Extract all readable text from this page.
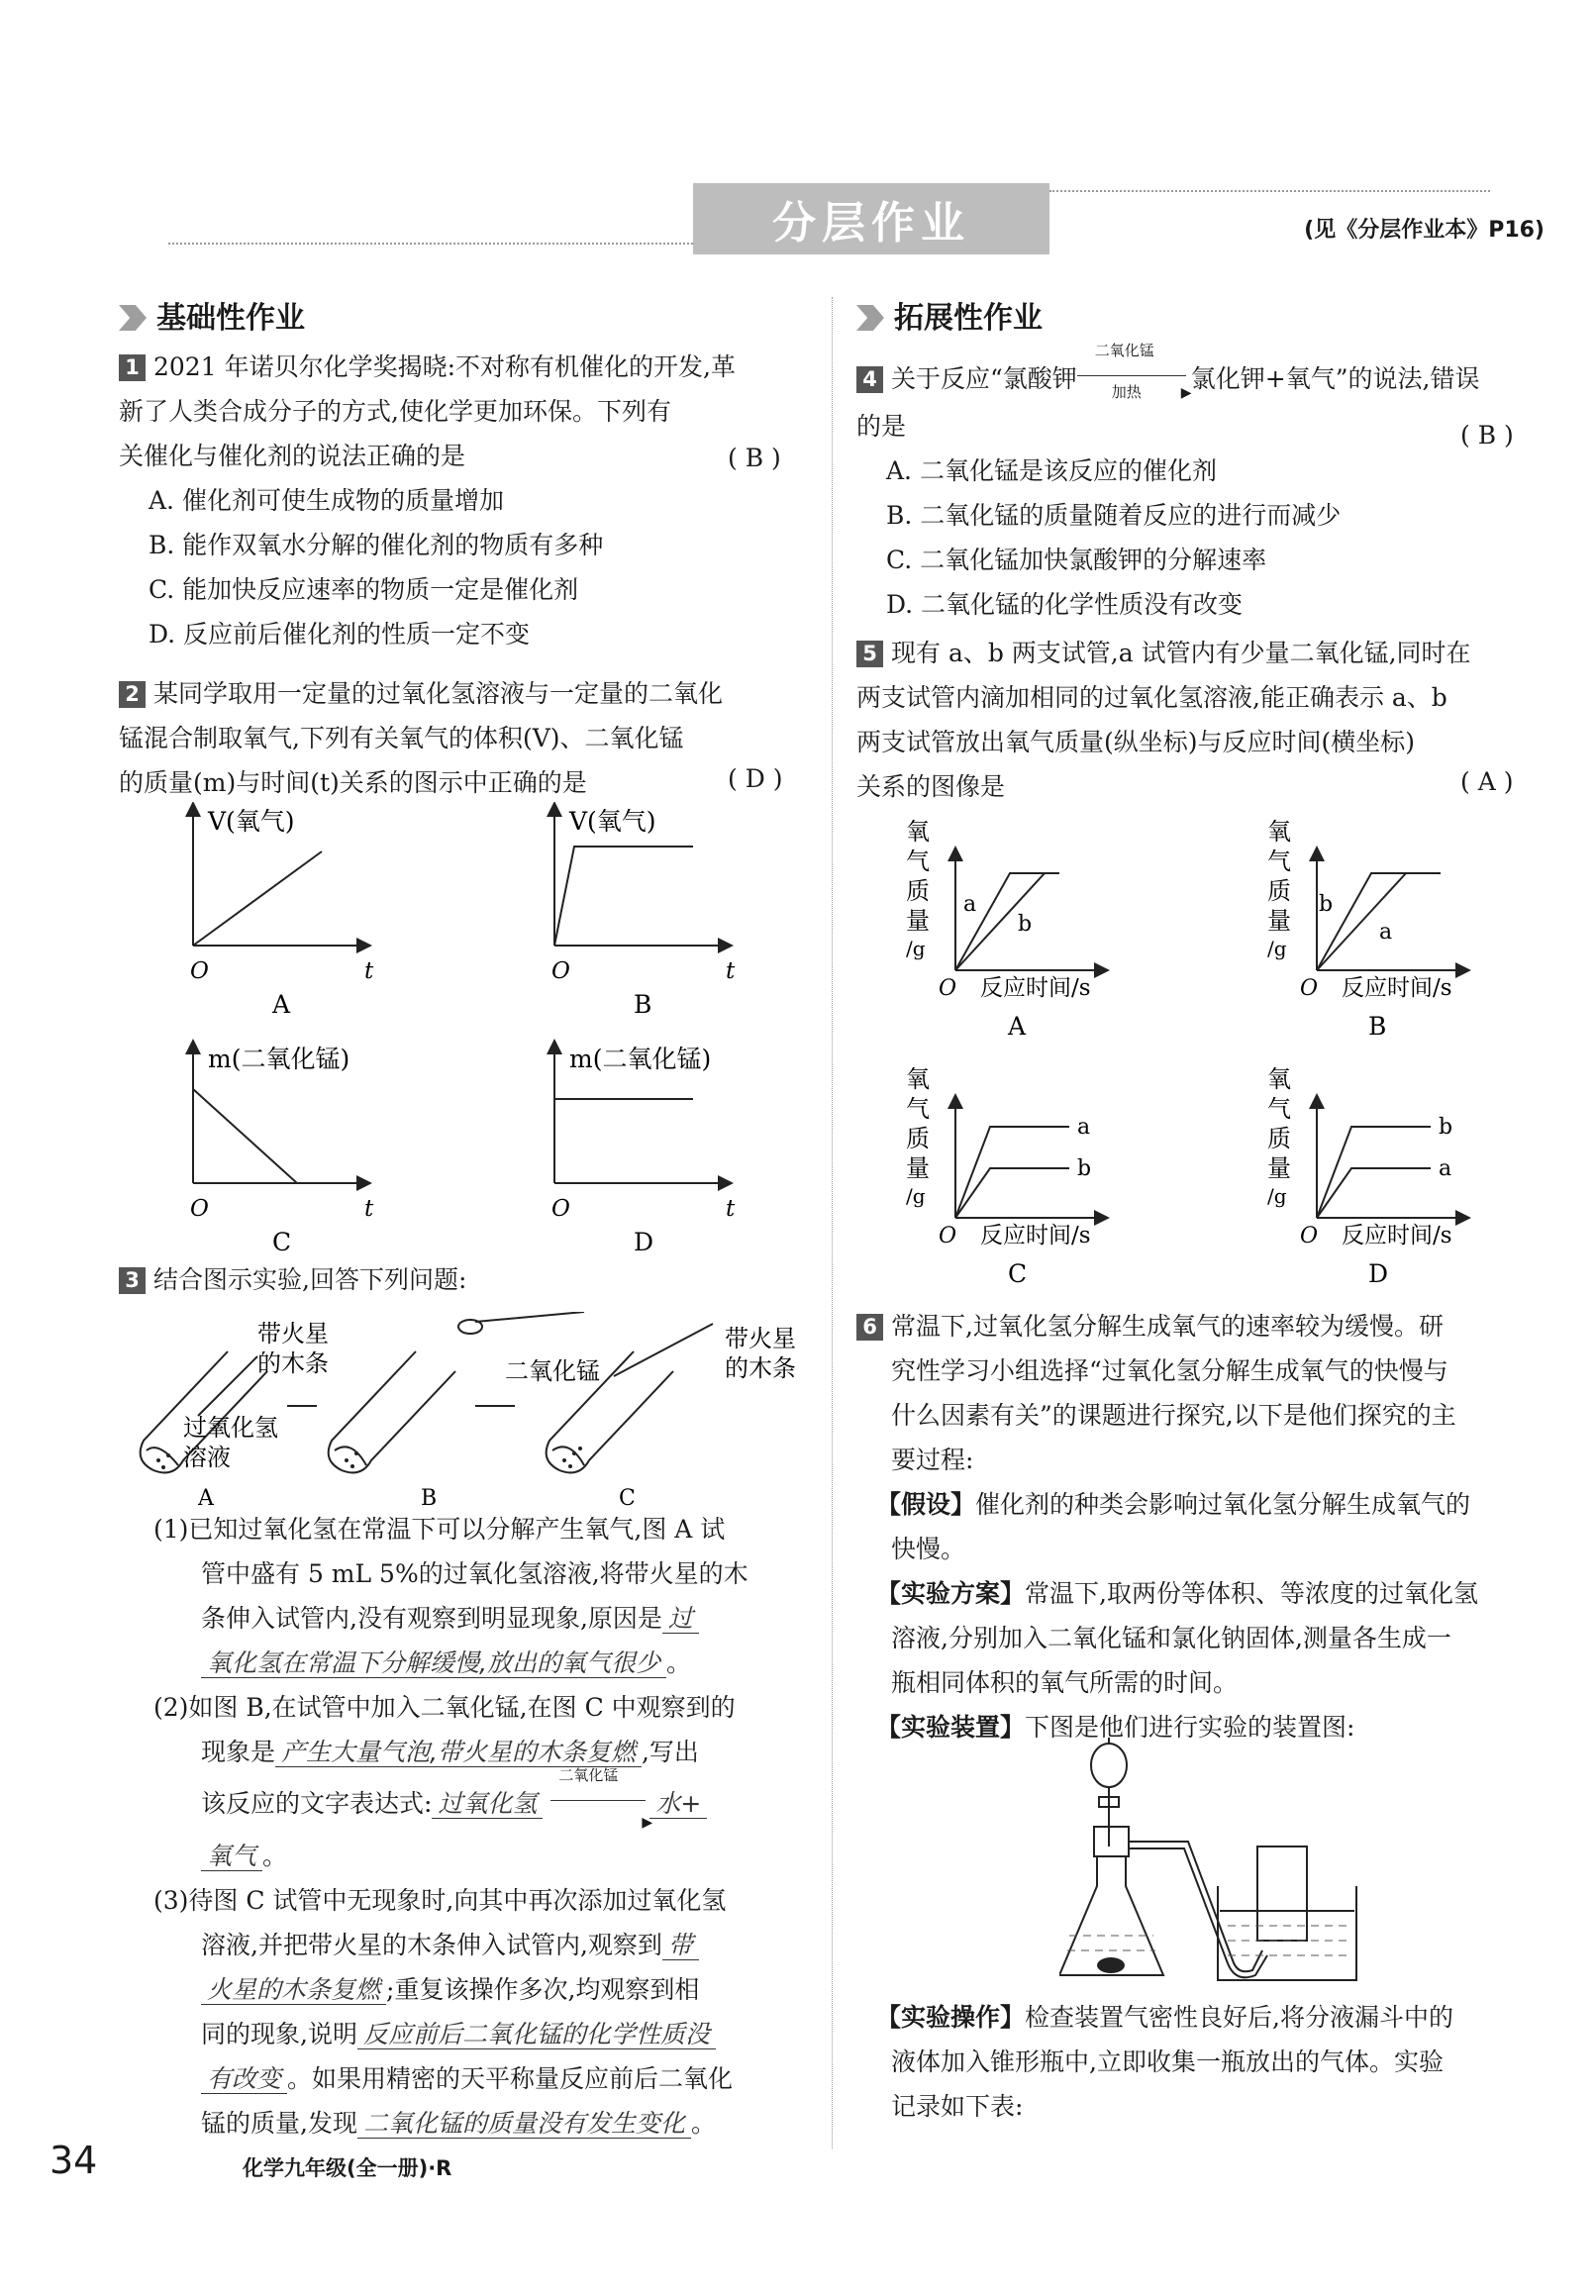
分层作业	(见《分层作业本》P16)
基础性作业
1 2021 年诺贝尔化学奖揭晓:不对称有机催化的开发,革
新了人类合成分子的方式,使化学更加环保。下列有
关催化与催化剂的说法正确的是
A. 催化剂可使生成物的质量增加
B. 能作双氧水分解的催化剂的物质有多种
C. 能加快反应速率的物质一定是催化剂
D. 反应前后催化剂的性质一定不变
( B )
2 某同学取用一定量的过氧化氢溶液与一定量的二氧化
锰混合制取氧气,下列有关氧气的体积(V)、二氧化锰
的质量(m)与时间(t)关系的图示中正确的是	( D )
V(氧气)
O	t
A
V(氧气)
O	t
B
m(二氧化锰)
O	t
C
m(二氧化锰)
O	t
D
3 结合图示实验,回答下列问题:
带火星
的木条
过氧化氢
溶液
二氧化锰
带火星
的木条
A	B	C
(1)已知过氧化氢在常温下可以分解产生氧气,图 A 试
管中盛有 5 mL 5%的过氧化氢溶液,将带火星的木
条伸入试管内,没有观察到明显现象,原因是 过
氧化氢在常温下分解缓慢,放出的氧气很少 。
(2)如图 B,在试管中加入二氧化锰,在图 C 中观察到的
现象是 产生大量气泡,带火星的木条复燃 ,写出
该反应的文字表达式: 过氧化氢
二氧化锰
▶
水+
氧气 。
(3)待图 C 试管中无现象时,向其中再次添加过氧化氢
溶液,并把带火星的木条伸入试管内,观察到 带
火星的木条复燃 ;重复该操作多次,均观察到相
同的现象,说明 反应前后二氧化锰的化学性质没
有改变 。如果用精密的天平称量反应前后二氧化
锰的质量,发现 二氧化锰的质量没有发生变化 。
拓展性作业
4 关于反应“氯酸钾
二氧化锰
▶
加热 氯化钾+氧气”的说法,错误
的是
A. 二氧化锰是该反应的催化剂
B. 二氧化锰的质量随着反应的进行而减少
C. 二氧化锰加快氯酸钾的分解速率
D. 二氧化锰的化学性质没有改变
( B )
5 现有 a、b 两支试管,a 试管内有少量二氧化锰,同时在
两支试管内滴加相同的过氧化氢溶液,能正确表示 a、b
两支试管放出氧气质量(纵坐标)与反应时间(横坐标)
关系的图像是	( A )
氧
气
质
量
/g
O 反应时间/s
a
b
A
氧
气
质
量
/g
O 反应时间/s
b
a
B
氧
气
质
量
/g
O 反应时间/s
a
b
C
氧
气
质
量
/g
O 反应时间/s
b
a
D
6 常温下,过氧化氢分解生成氧气的速率较为缓慢。研
究性学习小组选择“过氧化氢分解生成氧气的快慢与
什么因素有关”的课题进行探究,以下是他们探究的主
要过程:
【假设】催化剂的种类会影响过氧化氢分解生成氧气的
快慢。
【实验方案】常温下,取两份等体积、等浓度的过氧化氢
溶液,分别加入二氧化锰和氯化钠固体,测量各生成一
瓶相同体积的氧气所需的时间。
【实验装置】下图是他们进行实验的装置图:
【实验操作】检查装置气密性良好后,将分液漏斗中的
液体加入锥形瓶中,立即收集一瓶放出的气体。实验
记录如下表:
34	化学九年级(全一册)·R
